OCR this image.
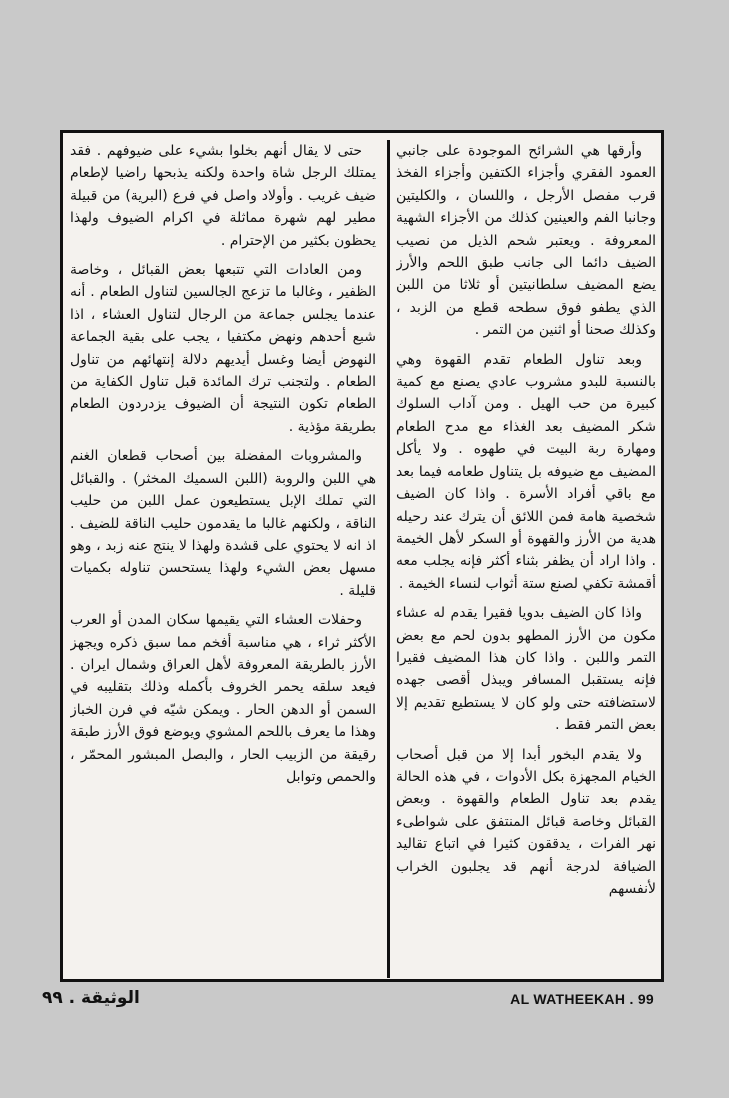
وأرقها هي الشرائح الموجودة على جانبي العمود الفقري وأجزاء الكتفين وأجزاء الفخذ قرب مفصل الأرجل ، واللسان ، والكليتين وجانبا الفم والعينين كذلك من الأجزاء الشهية المعروفة . ويعتبر شحم الذيل من نصيب الضيف دائما الى جانب طبق اللحم والأرز يضع المضيف سلطانيتين أو ثلاثا من اللبن الذي يطفو فوق سطحه قطع من الزبد ، وكذلك صحنا أو اثنين من التمر .

وبعد تناول الطعام تقدم القهوة وهي بالنسبة للبدو مشروب عادي يصنع مع كمية كبيرة من حب الهيل . ومن آداب السلوك شكر المضيف بعد الغذاء مع مدح الطعام ومهارة ربة البيت في طهوه . ولا يأكل المضيف مع ضيوفه بل يتناول طعامه فيما بعد مع باقي أفراد الأسرة . واذا كان الضيف شخصية هامة فمن اللائق أن يترك عند رحيله هدية من الأرز والقهوة أو السكر لأهل الخيمة . واذا اراد أن يظفر بثناء أكثر فإنه يجلب معه أقمشة تكفي لصنع ستة أثواب لنساء الخيمة .

واذا كان الضيف بدويا فقيرا يقدم له عشاء مكون من الأرز المطهو بدون لحم مع بعض التمر واللبن . واذا كان هذا المضيف فقيرا فإنه يستقبل المسافر ويبذل أقصى جهده لاستضافته حتى ولو كان لا يستطيع تقديم إلا بعض التمر فقط .

ولا يقدم البخور أبدا إلا من قبل أصحاب الخيام المجهزة بكل الأدوات ، في هذه الحالة يقدم بعد تناول الطعام والقهوة . وبعض القبائل وخاصة قبائل المنتفق على شواطىء نهر الفرات ، يدققون كثيرا في اتباع تقاليد الضيافة لدرجة أنهم قد يجلبون الخراب لأنفسهم

حتى لا يقال أنهم بخلوا بشيء على ضيوفهم . فقد يمتلك الرجل شاة واحدة ولكنه يذبحها راضيا لإطعام ضيف غريب . وأولاد واصل في فرع (البرية) من قبيلة مطير لهم شهرة مماثلة في اكرام الضيوف ولهذا يحظون بكثير من الإحترام .

ومن العادات التي تتبعها بعض القبائل ، وخاصة الظفير ، وغالبا ما تزعج الجالسين لتناول الطعام . أنه عندما يجلس جماعة من الرجال لتناول العشاء ، اذا شبع أحدهم ونهض مكتفيا ، يجب على بقية الجماعة النهوض أيضا وغسل أيديهم دلالة إنتهائهم من تناول الطعام . ولتجنب ترك المائدة قبل تناول الكفاية من الطعام تكون النتيجة أن الضيوف يزدردون الطعام بطريقة مؤذية .

والمشروبات المفضلة بين أصحاب قطعان الغنم هي اللبن والروبة (اللبن السميك المخثر) . والقبائل التي تملك الإبل يستطيعون عمل اللبن من حليب الناقة ، ولكنهم غالبا ما يقدمون حليب الناقة للضيف . اذ انه لا يحتوي على قشدة ولهذا لا ينتج عنه زبد ، وهو مسهل بعض الشيء ولهذا يستحسن تناوله بكميات قليلة .

وحفلات العشاء التي يقيمها سكان المدن أو العرب الأكثر ثراء ، هي مناسبة أفخم مما سبق ذكره ويجهز الأرز بالطريقة المعروفة لأهل العراق وشمال ايران . فيعد سلقه يحمر الخروف بأكمله وذلك بتقليبه في السمن أو الدهن الحار . ويمكن شيّه في فرن الخباز وهذا ما يعرف باللحم المشوي ويوضع فوق الأرز طبقة رقيقة من الزبيب الحار ، والبصل المبشور المحمّر ، والحمص وتوابل

الوثيقة . ٩٩	AL WATHEEKAH . 99
